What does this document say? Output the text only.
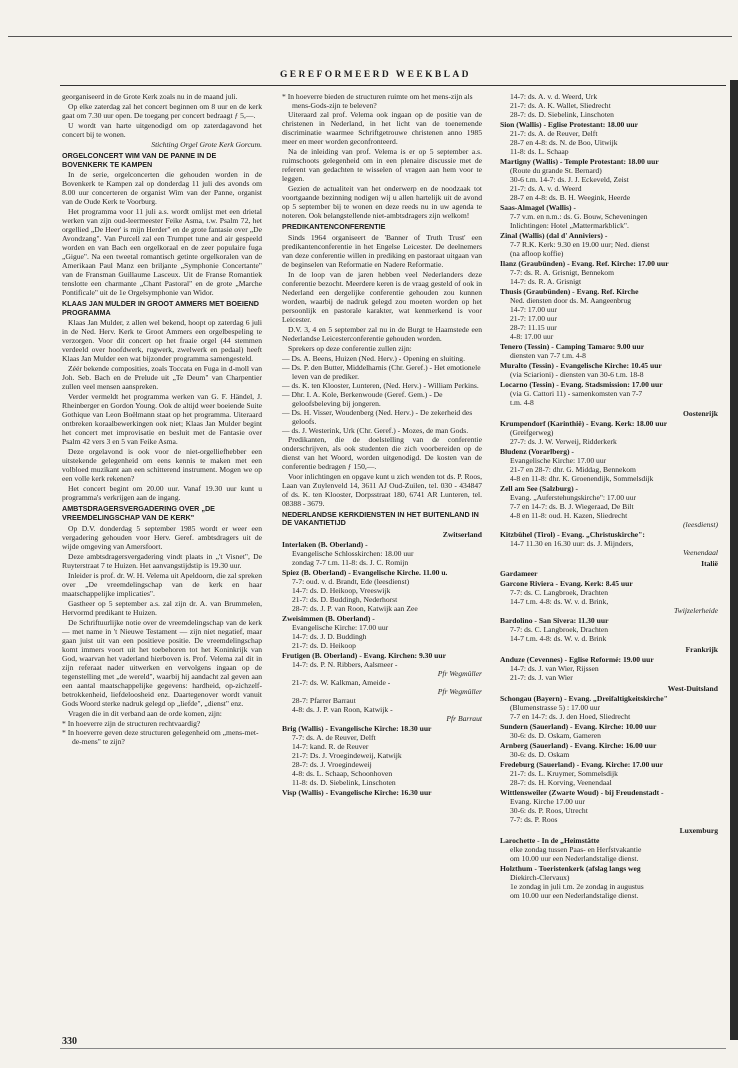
GEREFORMEERD WEEKBLAD

georganiseerd in de Grote Kerk zoals nu in de maand juli.

Op elke zaterdag zal het concert beginnen om 8 uur en de kerk gaat om 7.30 uur open. De toegang per concert bedraagt ƒ 5,—.

U wordt van harte uitgenodigd om op zaterdagavond het concert bij te wonen.

Stichting Orgel Grote Kerk Gorcum.

ORGELCONCERT WIM VAN DE PANNE IN DE BOVENKERK TE KAMPEN

In de serie, orgelconcerten die gehouden worden in de Bovenkerk te Kampen zal op donderdag 11 juli des avonds om 8.00 uur concerteren de organist Wim van der Panne, organist van de Oude Kerk te Voorburg.

Het programma voor 11 juli a.s. wordt omlijst met een drietal werken van zijn oud-leermeester Feike Asma, t.w. Psalm 72, het orgellied „De Heer' is mijn Herder" en de grote fantasie over „De Avondzang". Van Purcell zal een Trumpet tune and air gespeeld worden en van Bach een orgelkoraal en de zeer populaire fuga „Gigue". Na een tweetal romantisch getinte orgelkoralen van de Amerikaan Paul Manz een briljante „Symphonie Concertante" van de Fransman Guillaume Lasceux. Uit de Franse Romantiek tenslotte een charmante „Chant Pastoral" en de grote „Marche Pontificale" uit de 1e Orgelsymphonie van Widor.

KLAAS JAN MULDER IN GROOT AMMERS MET BOEIEND PROGRAMMA

Klaas Jan Mulder, z allen wel bekend, hoopt op zaterdag 6 juli in de Ned. Herv. Kerk te Groot Ammers een orgelbespeling te verzorgen. Voor dit concert op het fraaie orgel (44 stemmen verdeeld over hoofdwerk, rugwerk, zwelwerk en pedaal) heeft Klaas Jan Mulder een wat bijzonder programma samengesteld.

Zéér bekende composities, zoals Toccata en Fuga in d-moll van Joh. Seb. Bach en de Prelude uit „Te Deum" van Charpentier zullen veel mensen aanspreken.

Verder vermeldt het programma werken van G. F. Händel, J. Rheinberger en Gordon Young. Ook de altijd weer boeiende Suite Gothique van Leon Boëlmann staat op het programma. Uiteraard ontbreken koraalbewerkingen ook niet; Klaas Jan Mulder begint het concert met improvisatie en besluit met de Fantasie over Psalm 42 vers 3 en 5 van Feike Asma.

Deze orgelavond is ook voor de niet-orgelliefhebber een uitstekende gelegenheid om eens kennis te maken met een volbloed muzikant aan een schitterend instrument. Mogen we op een volle kerk rekenen?

Het concert begint om 20.00 uur. Vanaf 19.30 uur kunt u programma's verkrijgen aan de ingang.

AMBTSDRAGERSVERGADERING OVER „DE VREEMDELINGSCHAP VAN DE KERK"

Op D.V. donderdag 5 september 1985 wordt er weer een vergadering gehouden voor Herv. Geref. ambtsdragers uit de wijde omgeving van Amersfoort.

Deze ambtsdragersvergadering vindt plaats in „'t Visnet", De Ruyterstraat 7 te Huizen. Het aanvangstijdstip is 19.30 uur.

Inleider is prof. dr. W. H. Velema uit Apeldoorn, die zal spreken over „De vreemdelingschap van de kerk en haar maatschappelijke implicaties".

Gastheer op 5 september a.s. zal zijn dr. A. van Brummelen, Hervormd predikant te Huizen.

De Schriftuurlijke notie over de vreemdelingschap van de kerk — met name in 't Nieuwe Testament — zijn niet negatief, maar gaan juist uit van een positieve positie. De vreemdelingschap komt immers voort uit het toebehoren tot het Koninkrijk van God, waarvan het vaderland hierboven is. Prof. Velema zal dit in zijn referaat nader uitwerken en vervolgens ingaan op de tegenstelling met „de wereld", waarbij hij aandacht zal geven aan een aantal maatschappelijke gegevens: hardheid, op-zichzelf-betrokkenheid, liefdeloosheid enz. Daartegenover wordt vanuit Gods Woord sterke nadruk gelegd op „liefde", „dienst" enz.

Vragen die in dit verband aan de orde komen, zijn:

* In hoeverre zijn de structuren rechtvaardig?

* In hoeverre geven deze structuren gelegenheid om „mens-met-de-mens" te zijn?

* In hoeverre bieden de structuren ruimte om het mens-zijn als mens-Gods-zijn te beleven?

Uiteraard zal prof. Velema ook ingaan op de positie van de christenen in Nederland, in het licht van de toenemende discriminatie waarmee Schriftgetrouwe christenen anno 1985 meer en meer worden geconfronteerd.

Na de inleiding van prof. Velema is er op 5 september a.s. ruimschoots gelegenheid om in een plenaire discussie met de referent van gedachten te wisselen of vragen aan hem voor te leggen.

Gezien de actualiteit van het onderwerp en de noodzaak tot voortgaande bezinning nodigen wij u allen hartelijk uit de avond op 5 september bij te wonen en deze reeds nu in uw agenda te noteren. Ook belangstellende niet-ambtsdragers zijn welkom!

PREDIKANTENCONFERENTIE

Sinds 1964 organiseert de 'Banner of Truth Trust' een predikantenconferentie in het Engelse Leicester. De deelnemers van deze conferentie willen in prediking en pastoraat uitgaan van de beginselen van Reformatie en Nadere Reformatie.

In de loop van de jaren hebben veel Nederlanders deze conferentie bezocht. Meerdere keren is de vraag gesteld of ook in Nederland een dergelijke conferentie gehouden zou kunnen worden, waarbij de nadruk gelegd zou moeten worden op het persoonlijk en pastorale karakter, wat kenmerkend is voor Leicester.

D.V. 3, 4 en 5 september zal nu in de Burgt te Haamstede een Nederlandse Leicesterconferentie gehouden worden.

Sprekers op deze conferentie zullen zijn:

— Ds. A. Beens, Huizen (Ned. Herv.) - Opening en sluiting.

— Ds. P. den Butter, Middelharnis (Chr. Geref.) - Het emotionele leven van de prediker.

— ds. K. ten Klooster, Lunteren, (Ned. Herv.) - William Perkins.

— Dhr. I. A. Kole, Berkenwoude (Geref. Gem.) - De geloofsbeleving bij jongeren.

— Ds. H. Visser, Woudenberg (Ned. Herv.) - De zekerheid des geloofs.

— ds. J. Westerink, Urk (Chr. Geref.) - Mozes, de man Gods.

Predikanten, die de doelstelling van de conferentie onderschrijven, als ook studenten die zich voorbereiden op de dienst van het Woord, worden uitgenodigd. De kosten van de conferentie bedragen ƒ 150,—.

Voor inlichtingen en opgave kunt u zich wenden tot ds. P. Roos, Laan van Zuylenveld 14, 3611 AJ Oud-Zuilen, tel. 030 - 434847 of ds. K. ten Klooster, Dorpsstraat 180, 6741 AR Lunteren, tel. 08388 - 3679.

NEDERLANDSE KERKDIENSTEN IN HET BUITENLAND IN DE VAKANTIETIJD

Zwitserland

Interlaken (B. Oberland) -

Evangelische Schlosskirchen: 18.00 uur

zondag 7-7 t.m. 11-8: ds. J. C. Romijn

Spiez (B. Oberland) - Evangelische Kirche. 11.00 u.

7-7: oud. v. d. Brandt, Ede (leesdienst)

14-7: ds. D. Heikoop, Vreeswijk

21-7: ds. D. Buddingh, Nederhorst

28-7: ds. J. P. van Roon, Katwijk aan Zee

Zweisimmen (B. Oberland) -

Evangelische Kirche: 17.00 uur

14-7: ds. J. D. Buddingh

21-7: ds. D. Heikoop

Frutigen (B. Oberland) - Evang. Kirchen: 9.30 uur

14-7: ds. P. N. Ribbers, Aalsmeer -

Pfr Wegmüller

21-7: ds. W. Kalkman, Ameide -

Pfr Wegmüller

28-7: Pfarrer Barraut

4-8: ds. J. P. van Roon, Katwijk -

Pfr Barraut

Brig (Wallis) - Evangelische Kirche: 18.30 uur

7-7: ds. A. de Reuver, Delft

14-7: kand. R. de Reuver

21-7: Ds. J. Vroegindeweij, Katwijk

28-7: ds. J. Vroegindeweij

4-8: ds. L. Schaap, Schoonhoven

11-8: ds. D. Siebelink, Linschoten

Visp (Wallis) - Evangelische Kirche: 16.30 uur

14-7: ds. A. v. d. Weerd, Urk

21-7: ds. A. K. Wallet, Sliedrecht

28-7: ds. D. Siebelink, Linschoten

Sion (Wallis) - Eglise Protestant: 18.00 uur

21-7: ds. A. de Reuver, Delft

28-7 en 4-8: ds. N. de Boo, Uitwijk

11-8: ds. L. Schaap

Martigny (Wallis) - Temple Protestant: 18.00 uur

(Route du grande St. Bernard)

30-6 t.m. 14-7: ds. J. J. Eckeveld, Zeist

21-7: ds. A. v. d. Weerd

28-7 en 4-8: ds. B. H. Weegink, Heerde

Saas-Almagel (Wallis) -

7-7 v.m. en n.m.: ds. G. Bouw, Scheveningen

Inlichtingen: Hotel „Mattermarkblick".

Zinal (Wallis) (dal d' Anniviers) -

7-7 R.K. Kerk: 9.30 en 19.00 uur; Ned. dienst

(na afloop koffie)

Ilanz (Graubünden) - Evang. Ref. Kirche: 17.00 uur

7-7: ds. R. A. Grisnigt, Bennekom

14-7: ds. R. A. Grisnigt

Thusis (Graubünden) - Evang. Ref. Kirche

Ned. diensten door ds. M. Aangeenbrug

14-7: 17.00 uur

21-7: 17.00 uur

28-7: 11.15 uur

4-8: 17.00 uur

Tenero (Tessin) - Camping Tamaro: 9.00 uur

diensten van 7-7 t.m. 4-8

Muralto (Tessin) - Evangelische Kirche: 10.45 uur

(via Sciarioni) - diensten van 30-6 t.m. 18-8

Locarno (Tessin) - Evang. Stadsmission: 17.00 uur

(via G. Cattori 11) - samenkomsten van 7-7

t.m. 4-8

Oostenrijk

Krumpendorf (Karinthië) - Evang. Kerk: 18.00 uur

(Greifgerweg)

27-7: ds. J. W. Verweij, Ridderkerk

Bludenz (Vorarlberg) -

Evangelische Kirche: 17.00 uur

21-7 en 28-7: dhr. G. Middag, Bennekom

4-8 en 11-8: dhr. K. Groenendijk, Sommelsdijk

Zell am See (Salzburg) -

Evang. „Auferstehungskirche": 17.00 uur

7-7 en 14-7: ds. B. J. Wiegeraad, De Bilt

4-8 en 11-8: oud. H. Kazen, Sliedrecht

(leesdienst)

Kitzbühel (Tirol) - Evang. „Christuskirche":

14-7 11.30 en 16.30 uur: ds. J. Mijnders,

Veenendaal

Italië

Gardameer

Garcone Riviera - Evang. Kerk: 8.45 uur

7-7: ds. C. Langbroek, Drachten

14-7 t.m. 4-8: ds. W. v. d. Brink,

Twijzelerheide

Bardolino - San Sivera: 11.30 uur

7-7: ds. C. Langbroek, Drachten

14-7 t.m. 4-8: ds. W. v. d. Brink

Frankrijk

Anduze (Cevennes) - Eglise Reformé: 19.00 uur

14-7: ds. J. van Wier, Rijssen

21-7: ds. J. van Wier

West-Duitsland

Schongau (Bayern) - Evang. „Dreifaltigkeitskirche"

(Blumenstrasse 5) : 17.00 uur

7-7 en 14-7: ds. J. den Hoed, Sliedrecht

Sundern (Sauerland) - Evang. Kirche: 10.00 uur

30-6: ds. D. Oskam, Gameren

Arnberg (Sauerland) - Evang. Kirche: 16.00 uur

30-6: ds. D. Oskam

Fredeburg (Sauerland) - Evang. Kirche: 17.00 uur

21-7: ds. L. Kruymer, Sommelsdijk

28-7: ds. H. Korving, Veenendaal

Wittlensweiler (Zwarte Woud) - bij Freudenstadt -

Evang. Kirche 17.00 uur

30-6: ds. P. Roos, Utrecht

7-7: ds. P. Roos

Luxemburg

Larochette - In de „Heimstätte

elke zondag tussen Paas- en Herfstvakantie

om 10.00 uur een Nederlandstalige dienst.

Holzthum - Toeristenkerk (afslag langs weg

Diekirch-Clervaux)

1e zondag in juli t.m. 2e zondag in augustus

om 10.00 uur een Nederlandstalige dienst.

330
